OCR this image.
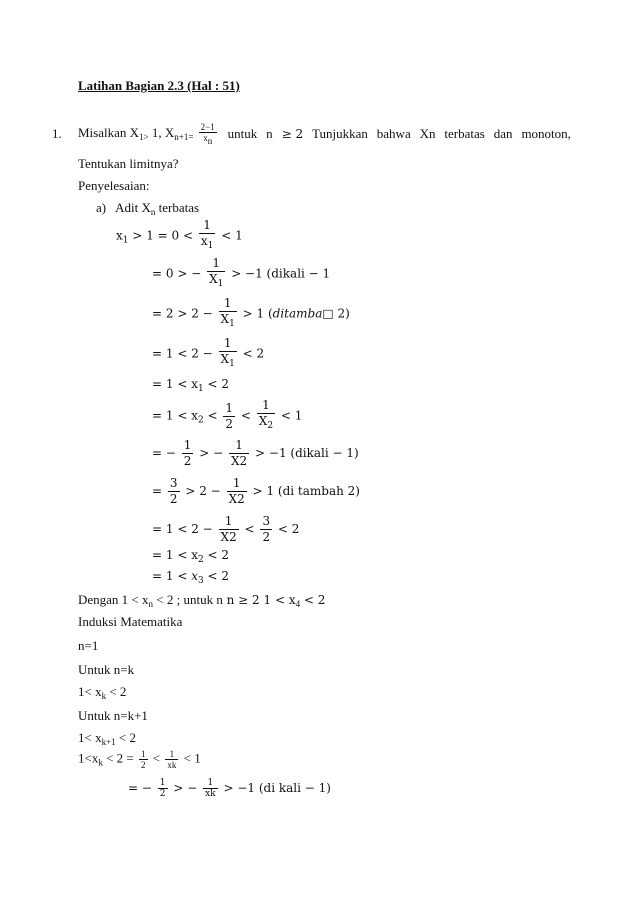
Latihan Bagian 2.3 (Hal : 51)
1. Misalkan $X_{1>}$ 1, $X_{n+1=} \frac{2-1}{x_n}$ untuk n ≥ 2 Tunjukkan bahwa Xn terbatas dan monoton,
Tentukan limitnya?
Penyelesaian:
a) Adit $X_n$ terbatas
$x_1 > 1 = 0 < \frac{1}{x_1} < 1$
= 0 > − $\frac{1}{X_1} > -1$ (dikali − 1
= $2 > 2 - \frac{1}{X_1} > 1$ (ditamba□ 2)
= $1 < 2 - \frac{1}{X_1} < 2$
= $1 < x_1 < 2$
= $1 < x_2 < \frac{1}{2} < \frac{1}{X_2} < 1$
= − $\frac{1}{2}$ > − $\frac{1}{X2} > -1$ (dikali − 1)
= $\frac{3}{2} > 2 - \frac{1}{X2} > 1$ (di tambah 2)
= $1 < 2 - \frac{1}{X2} < \frac{3}{2} < 2$
= $1 < x_2 < 2$
= $1 < x_3 < 2$
Dengan $1 < x_n < 2$ ; untuk n n ≥ 2 $1 < x_4 < 2$
Induksi Matematika
n=1
Untuk n=k
$1< x_k < 2$
Untuk n=k+1
$1< x_{k+1} < 2$
$1<x_k < 2 = \frac{1}{2} < \frac{1}{xk} < 1$
= − $\frac{1}{2}$ > − $\frac{1}{xk} > -1$ (di kali − 1)
